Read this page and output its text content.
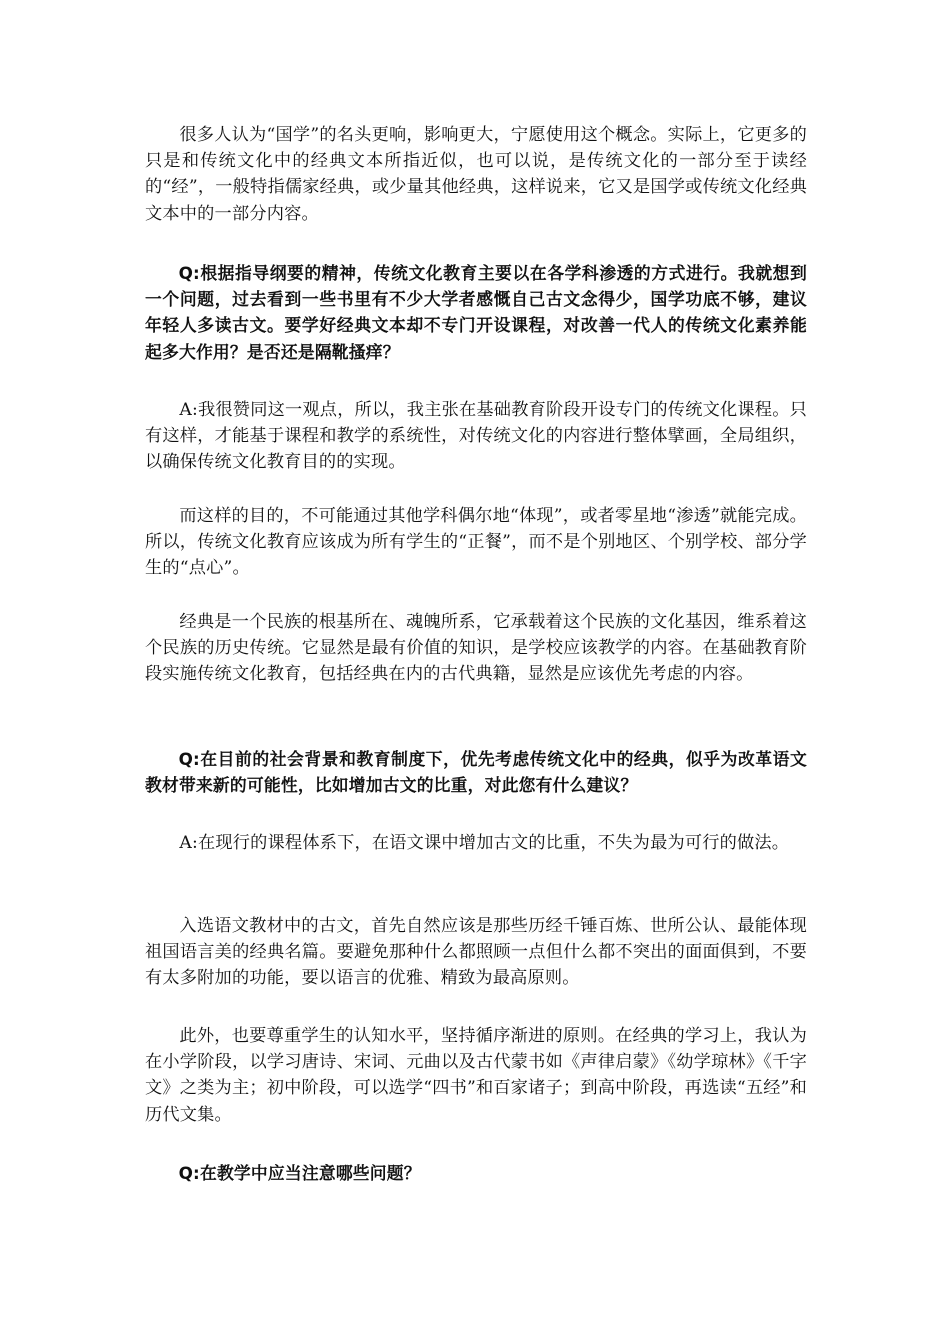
很多人认为“国学”的名头更响，影响更大，宁愿使用这个概念。实际上，它更多的只是和传统文化中的经典文本所指近似，也可以说，是传统文化的一部分至于读经的“经”，一般特指儒家经典，或少量其他经典，这样说来，它又是国学或传统文化经典文本中的一部分内容。

Q:根据指导纲要的精神，传统文化教育主要以在各学科渗透的方式进行。我就想到一个问题，过去看到一些书里有不少大学者感慨自己古文念得少，国学功底不够，建议年轻人多读古文。要学好经典文本却不专门开设课程，对改善一代人的传统文化素养能起多大作用？是否还是隔靴搔痒？

A:我很赞同这一观点，所以，我主张在基础教育阶段开设专门的传统文化课程。只有这样，才能基于课程和教学的系统性，对传统文化的内容进行整体擘画，全局组织，以确保传统文化教育目的的实现。

而这样的目的，不可能通过其他学科偶尔地“体现”，或者零星地“渗透”就能完成。所以，传统文化教育应该成为所有学生的“正餐”，而不是个别地区、个别学校、部分学生的“点心”。

经典是一个民族的根基所在、魂魄所系，它承载着这个民族的文化基因，维系着这个民族的历史传统。它显然是最有价值的知识，是学校应该教学的内容。在基础教育阶段实施传统文化教育，包括经典在内的古代典籍，显然是应该优先考虑的内容。

Q:在目前的社会背景和教育制度下，优先考虑传统文化中的经典，似乎为改革语文教材带来新的可能性，比如增加古文的比重，对此您有什么建议？

A:在现行的课程体系下，在语文课中增加古文的比重，不失为最为可行的做法。

入选语文教材中的古文，首先自然应该是那些历经千锤百炼、世所公认、最能体现祖国语言美的经典名篇。要避免那种什么都照顾一点但什么都不突出的面面俱到，不要有太多附加的功能，要以语言的优雅、精致为最高原则。

此外，也要尊重学生的认知水平，坚持循序渐进的原则。在经典的学习上，我认为在小学阶段，以学习唐诗、宋词、元曲以及古代蒙书如《声律启蒙》《幼学琼林》《千字文》之类为主；初中阶段，可以选学“四书”和百家诸子；到高中阶段，再选读“五经”和历代文集。

Q:在教学中应当注意哪些问题？
